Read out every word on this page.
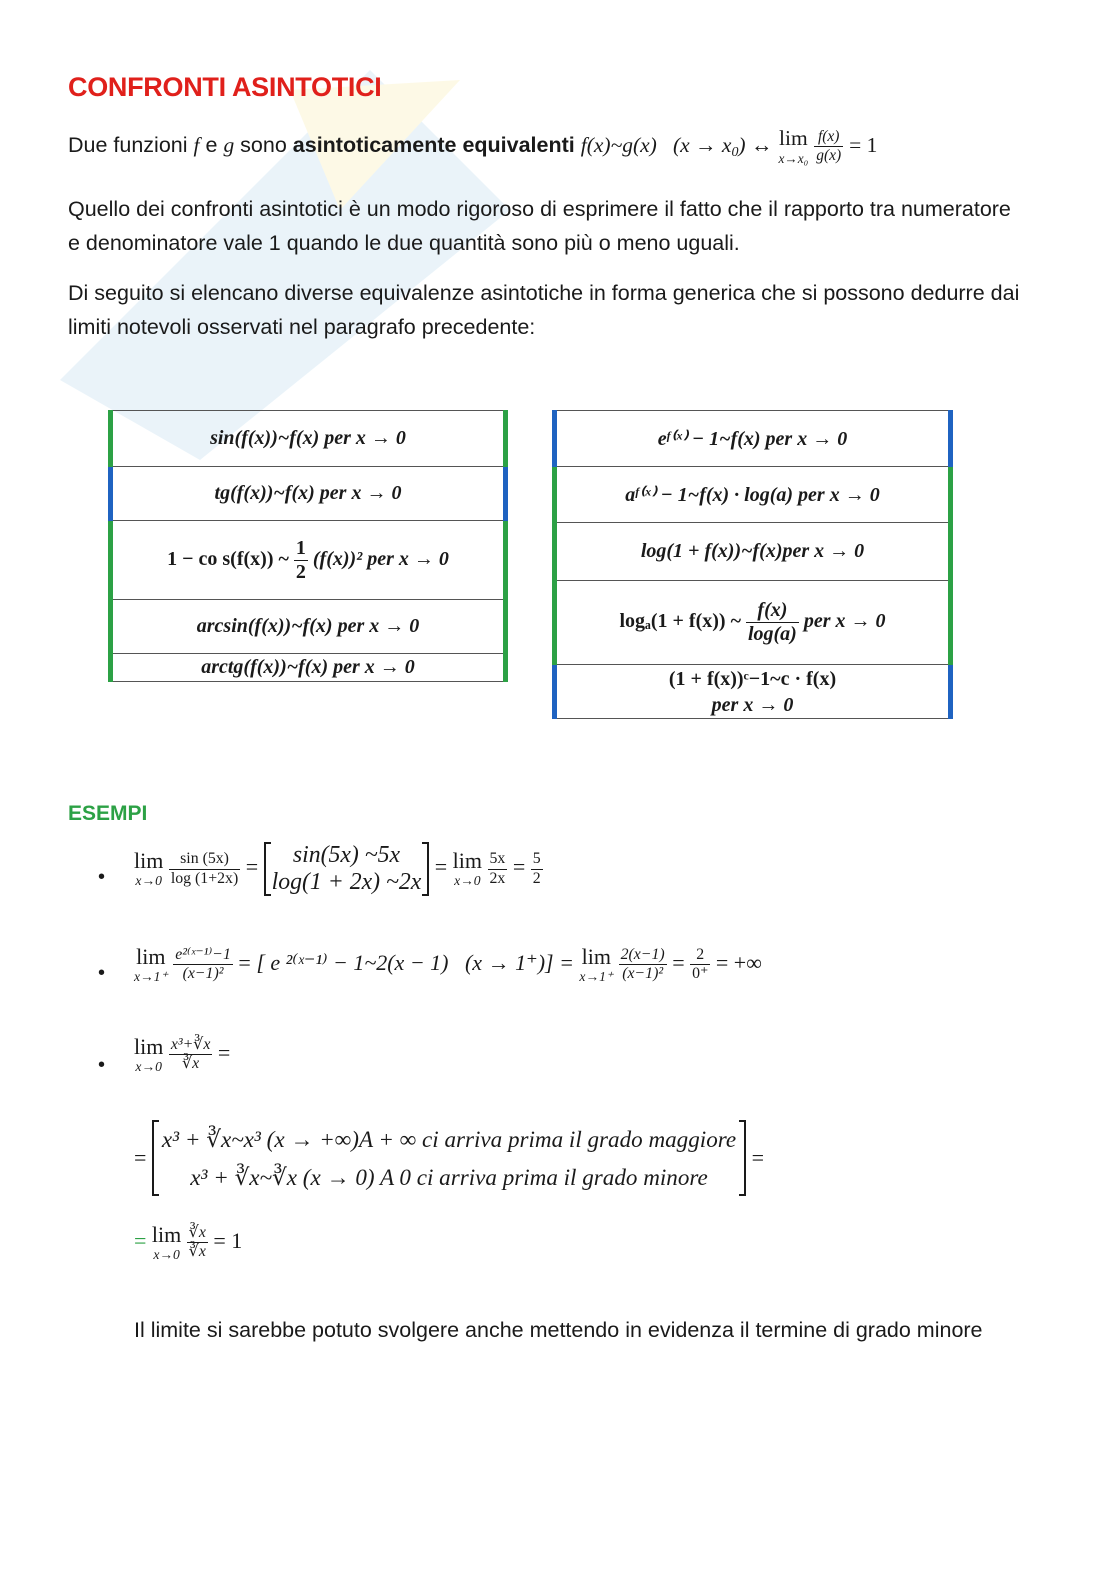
CONFRONTI ASINTOTICI
Due funzioni f e g sono asintoticamente equivalenti f(x)~g(x)   (x → x0) ↔ lim
x→x₀
$\frac{f(x)}{g(x)} = 1$
Quello dei confronti asintotici è un modo rigoroso di esprimere il fatto che il rapporto tra numeratore e denominatore vale 1 quando le due quantità sono più o meno uguali.
Di seguito si elencano diverse equivalenze asintotiche in forma generica che si possono dedurre dai limiti notevoli osservati nel paragrafo precedente:
sin(f(x))~f(x) per x → 0
tg(f(x))~f(x) per x → 0
1 − co s(f(x)) ~ $\frac{1}{2} (f(x))^2$ per x → 0
arcsin(f(x))~f(x) per x → 0
arctg(f(x))~f(x) per x → 0
eᶠ⁽ˣ⁾ − 1~f(x) per x → 0
aᶠ⁽ˣ⁾ − 1~f(x) · log(a) per x → 0
log(1 + f(x))~f(x)per x → 0
logₐ(1 + f(x)) ~ $\frac{f(x)}{\log(a)}$ per x → 0
(1 + f(x))ᶜ−1~c · f(x)
per x → 0
ESEMPI
•
lim
x→0
$\frac{\sin (5x)}{\log (1+2x)}$ =	sin(5x) ~5x
log(1 + 2x) ~2x
= lim
x→0
$\frac{5x}{2x} = \frac{5}{2}$
•
lim
x→1⁺
$\frac{\text{e²⁽ˣ⁻¹⁾−1}}{\text{(x−1)²}}$ = [ e ²⁽ˣ⁻¹⁾ − 1~2(x − 1)   (x → 1⁺)] = lim
x→1⁺
$\frac{2(x-1)}{\text{(x−1)²}} = \frac{2}{0^+}$ = +∞
•
lim
x→0
$\frac{\text{x³+∛x}}{∛x}$ =
=
x³ + ∛x~x³ (x → +∞)A + ∞ ci arriva prima il grado maggiore
x³ + ∛x~∛x (x → 0) A 0 ci arriva prima il grado minore
=
= lim
x→0
$\frac{∛x}{∛x} = 1$
Il limite si sarebbe potuto svolgere anche mettendo in evidenza il termine di grado minore
